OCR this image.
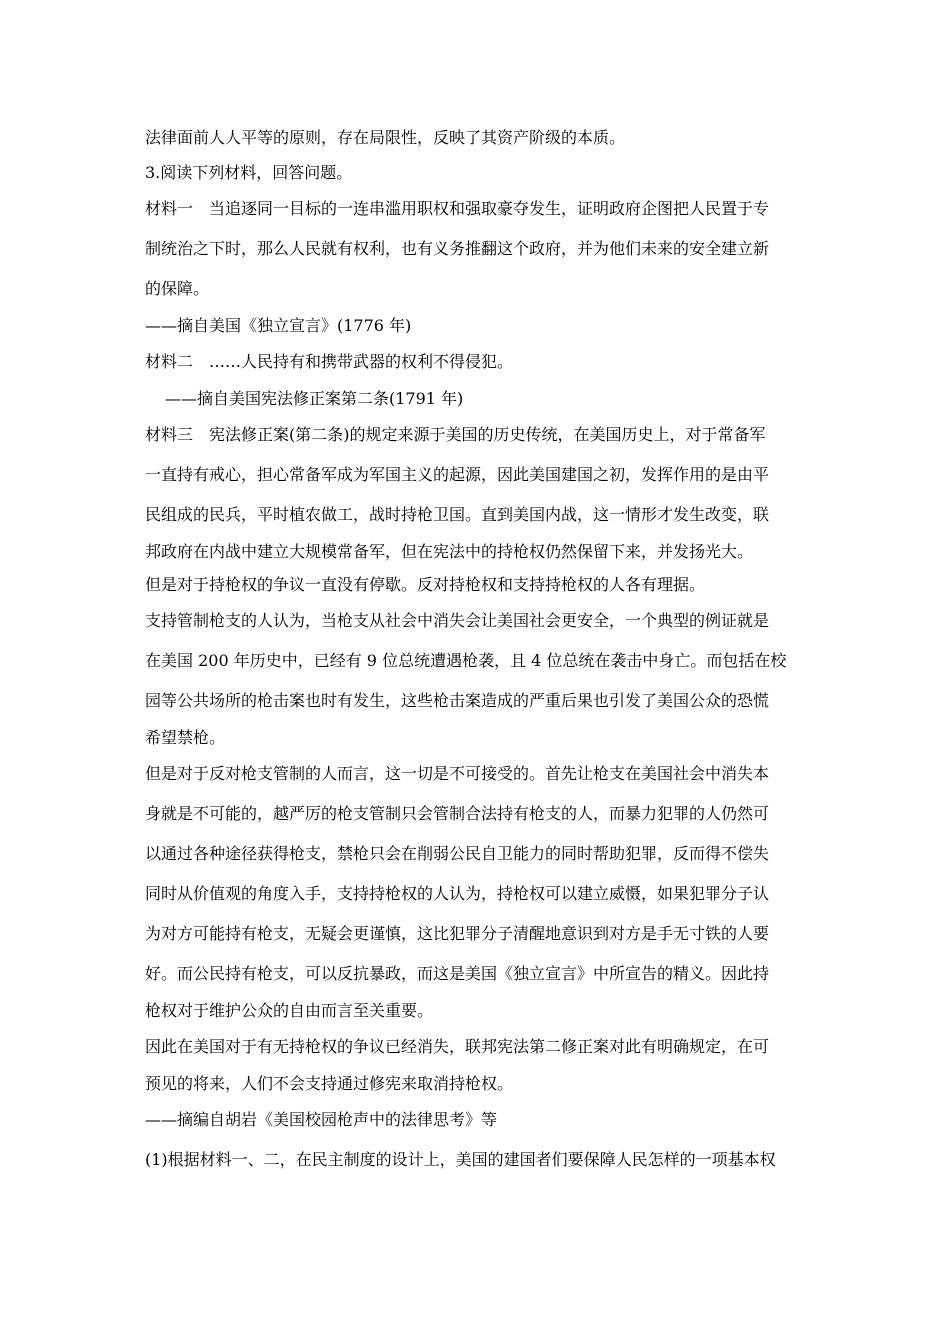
法律面前人人平等的原则，存在局限性，反映了其资产阶级的本质。
3.阅读下列材料，回答问题。
材料一　当追逐同一目标的一连串滥用职权和强取豪夺发生，证明政府企图把人民置于专
制统治之下时，那么人民就有权利，也有义务推翻这个政府，并为他们未来的安全建立新
的保障。
——摘自美国《独立宣言》(1776 年)
材料二　……人民持有和携带武器的权利不得侵犯。
——摘自美国宪法修正案第二条(1791 年)
材料三　宪法修正案(第二条)的规定来源于美国的历史传统，在美国历史上，对于常备军
一直持有戒心，担心常备军成为军国主义的起源，因此美国建国之初，发挥作用的是由平
民组成的民兵，平时植农做工，战时持枪卫国。直到美国内战，这一情形才发生改变，联
邦政府在内战中建立大规模常备军，但在宪法中的持枪权仍然保留下来，并发扬光大。
但是对于持枪权的争议一直没有停歇。反对持枪权和支持持枪权的人各有理据。
支持管制枪支的人认为，当枪支从社会中消失会让美国社会更安全，一个典型的例证就是
在美国 200 年历史中，已经有 9 位总统遭遇枪袭，且 4 位总统在袭击中身亡。而包括在校
园等公共场所的枪击案也时有发生，这些枪击案造成的严重后果也引发了美国公众的恐慌
希望禁枪。
但是对于反对枪支管制的人而言，这一切是不可接受的。首先让枪支在美国社会中消失本
身就是不可能的，越严厉的枪支管制只会管制合法持有枪支的人，而暴力犯罪的人仍然可
以通过各种途径获得枪支，禁枪只会在削弱公民自卫能力的同时帮助犯罪，反而得不偿失
同时从价值观的角度入手，支持持枪权的人认为，持枪权可以建立威慑，如果犯罪分子认
为对方可能持有枪支，无疑会更谨慎，这比犯罪分子清醒地意识到对方是手无寸铁的人要
好。而公民持有枪支，可以反抗暴政，而这是美国《独立宣言》中所宣告的精义。因此持
枪权对于维护公众的自由而言至关重要。
因此在美国对于有无持枪权的争议已经消失，联邦宪法第二修正案对此有明确规定，在可
预见的将来，人们不会支持通过修宪来取消持枪权。
——摘编自胡岩《美国校园枪声中的法律思考》等
(1)根据材料一、二，在民主制度的设计上，美国的建国者们要保障人民怎样的一项基本权
